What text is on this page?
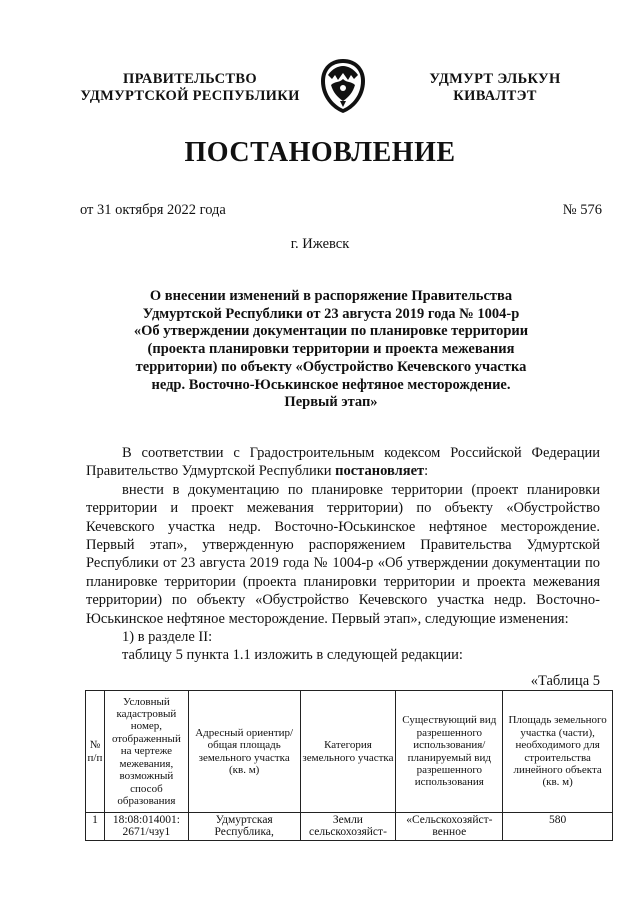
ПРАВИТЕЛЬСТВО
УДМУРТСКОЙ РЕСПУБЛИКИ
УДМУРТ ЭЛЬКУН
КИВАЛТЭТ
ПОСТАНОВЛЕНИЕ
от 31 октября 2022 года	№ 576
г. Ижевск
О внесении изменений в распоряжение Правительства
Удмуртской Республики от 23 августа 2019 года № 1004-р
«Об утверждении документации по планировке территории
(проекта планировки территории и проекта межевания
территории) по объекту «Обустройство Кечевского участка
недр. Восточно-Юськинское нефтяное месторождение.
Первый этап»

В соответствии с Градостроительным кодексом Российской Федерации Правительство Удмуртской Республики постановляет:

внести в документацию по планировке территории (проект планировки территории и проект межевания территории) по объекту «Обустройство Кечевского участка недр. Восточно-Юськинское нефтяное месторождение. Первый этап», утвержденную распоряжением Правительства Удмуртской Республики от 23 августа 2019 года № 1004-р «Об утверждении документации по планировке территории (проекта планировки территории и проекта межевания территории) по объекту «Обустройство Кечевского участка недр. Восточно-Юськинское нефтяное месторождение. Первый этап», следующие изменения:

1) в разделе II:

таблицу 5 пункта 1.1 изложить в следующей редакции:

«Таблица 5
№ п/п	Условный кадастровый номер, отображенный на чертеже межевания, возможный способ образования	Адресный ориентир/ общая площадь земельного участка (кв. м)	Категория земельного участка	Существующий вид разрешенного использования/ планируемый вид разрешенного использования	Площадь земельного участка (части), необходимого для строительства линейного объекта (кв. м)
1	18:08:014001: 2671/чзу1	Удмуртская Республика,	Земли сельскохозяйст-	«Сельскохозяйст- венное	580
